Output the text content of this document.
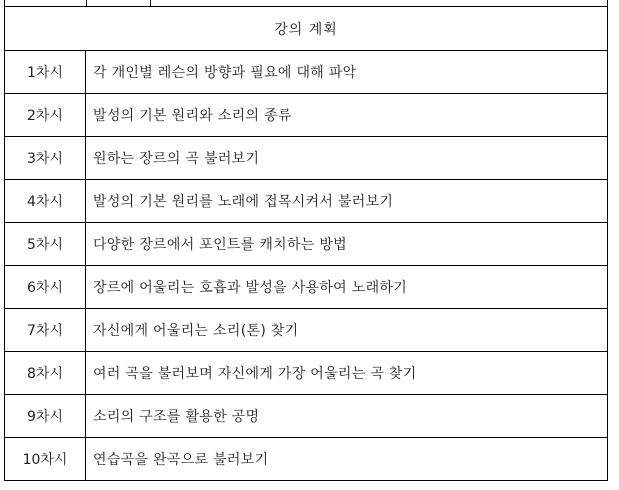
강의 계획	
1차시	각 개인별 레슨의 방향과 필요에 대해 파악
2차시	발성의 기본 원리와 소리의 종류
3차시	원하는 장르의 곡 불러보기
4차시	발성의 기본 원리를 노래에 접목시켜서 불러보기
5차시	다양한 장르에서 포인트를 캐치하는 방법
6차시	장르에 어울리는 호흡과 발성을 사용하여 노래하기
7차시	자신에게 어울리는 소리(톤) 찾기
8차시	여러 곡을 불러보며 자신에게 가장 어울리는 곡 찾기
9차시	소리의 구조를 활용한 공명
10차시	연습곡을 완곡으로 불러보기
